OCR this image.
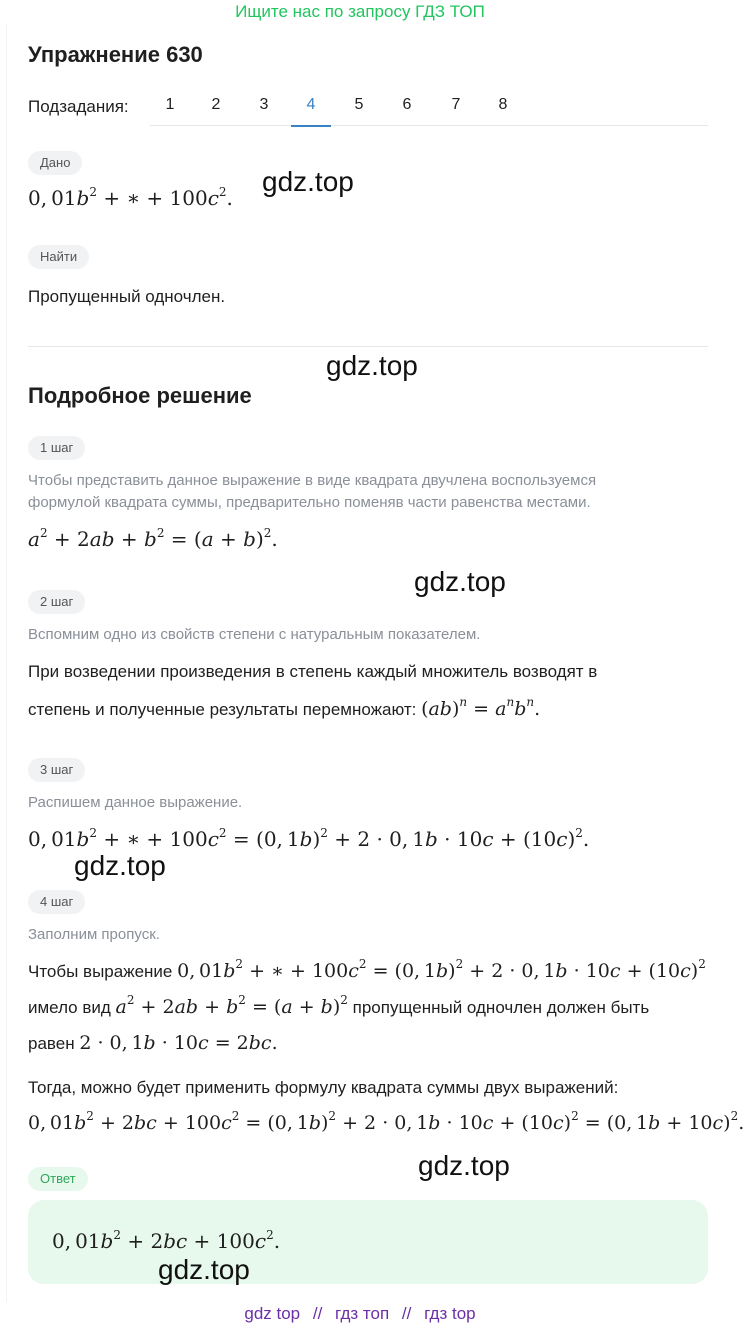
Ищите нас по запросу ГДЗ ТОП
Упражнение 630
Подзадания:	1	2	3	4	5	6	7	8
Дано
0, $01b^2$ + ∗ + $100c^2$.
Найти
Пропущенный одночлен.
Подробное решение
1 шаг
Чтобы представить данное выражение в виде квадрата двучлена воспользуемся
формулой квадрата суммы, предварительно поменяв части равенства местами.
$a^2 + 2ab + b^2 = (a + b)^2$.
2 шаг
Вспомним одно из свойств степени с натуральным показателем.
При возведении произведения в степень каждый множитель возводят в
степень и полученные результаты перемножают: $(ab)^n = a^nb^n$.
3 шаг
Распишем данное выражение.
0, $01b^2$ + ∗ + $100c^2 = (0$, 1b)$^2$ + 2 · 0, $1b \cdot 10c + (10c)^2$.
4 шаг
Заполним пропуск.
Чтобы выражение 0, $01b^2$ + ∗ + $100c^2 = (0$, 1b)$^2$ + 2 · 0, $1b \cdot 10c + (10c)^2$
имело вид $a^2 + 2ab + b^2 = (a + b)^2$ пропущенный одночлен должен быть
равен 2 · 0, 1b · 10c = 2bc.
Тогда, можно будет применить формулу квадрата суммы двух выражений:
0, $01b^2 + 2bc + 100c^2 = (0$, 1b)$^2$ + 2 · 0, $1b \cdot 10c + (10c)^2 = (0$, 1b + 10c)$^2$.
Ответ
0, $01b^2 + 2bc + 100c^2$.
gdz.top
gdz.top
gdz.top
gdz.top
gdz.top
gdz.top
gdz top // гдз топ // гдз top
